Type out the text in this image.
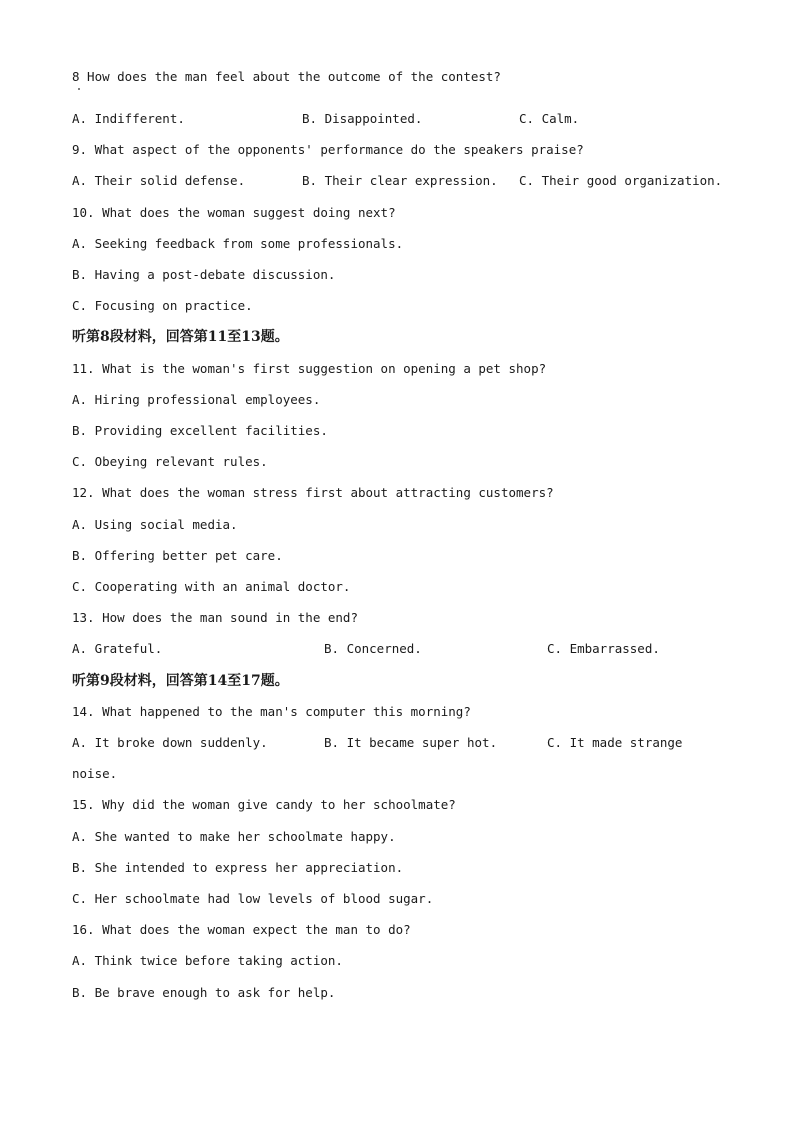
8 How does the man feel about the outcome of the contest?
A. Indifferent.	B. Disappointed.	C. Calm.
9. What aspect of the opponents' performance do the speakers praise?
A. Their solid defense.	B. Their clear expression. C. Their good organization.
10. What does the woman suggest doing next?
A. Seeking feedback from some professionals.
B. Having a post-debate discussion.
C. Focusing on practice.
听第8段材料，回答第11至13题。
11. What is the woman's first suggestion on opening a pet shop?
A. Hiring professional employees.
B. Providing excellent facilities.
C. Obeying relevant rules.
12. What does the woman stress first about attracting customers?
A. Using social media.
B. Offering better pet care.
C. Cooperating with an animal doctor.
13. How does the man sound in the end?
A. Grateful.	B. Concerned.	C. Embarrassed.
听第9段材料，回答第14至17题。
14. What happened to the man's computer this morning?
A. It broke down suddenly.	B. It became super hot.	C. It made strange
noise.
15. Why did the woman give candy to her schoolmate?
A. She wanted to make her schoolmate happy.
B. She intended to express her appreciation.
C. Her schoolmate had low levels of blood sugar.
16. What does the woman expect the man to do?
A. Think twice before taking action.
B. Be brave enough to ask for help.
